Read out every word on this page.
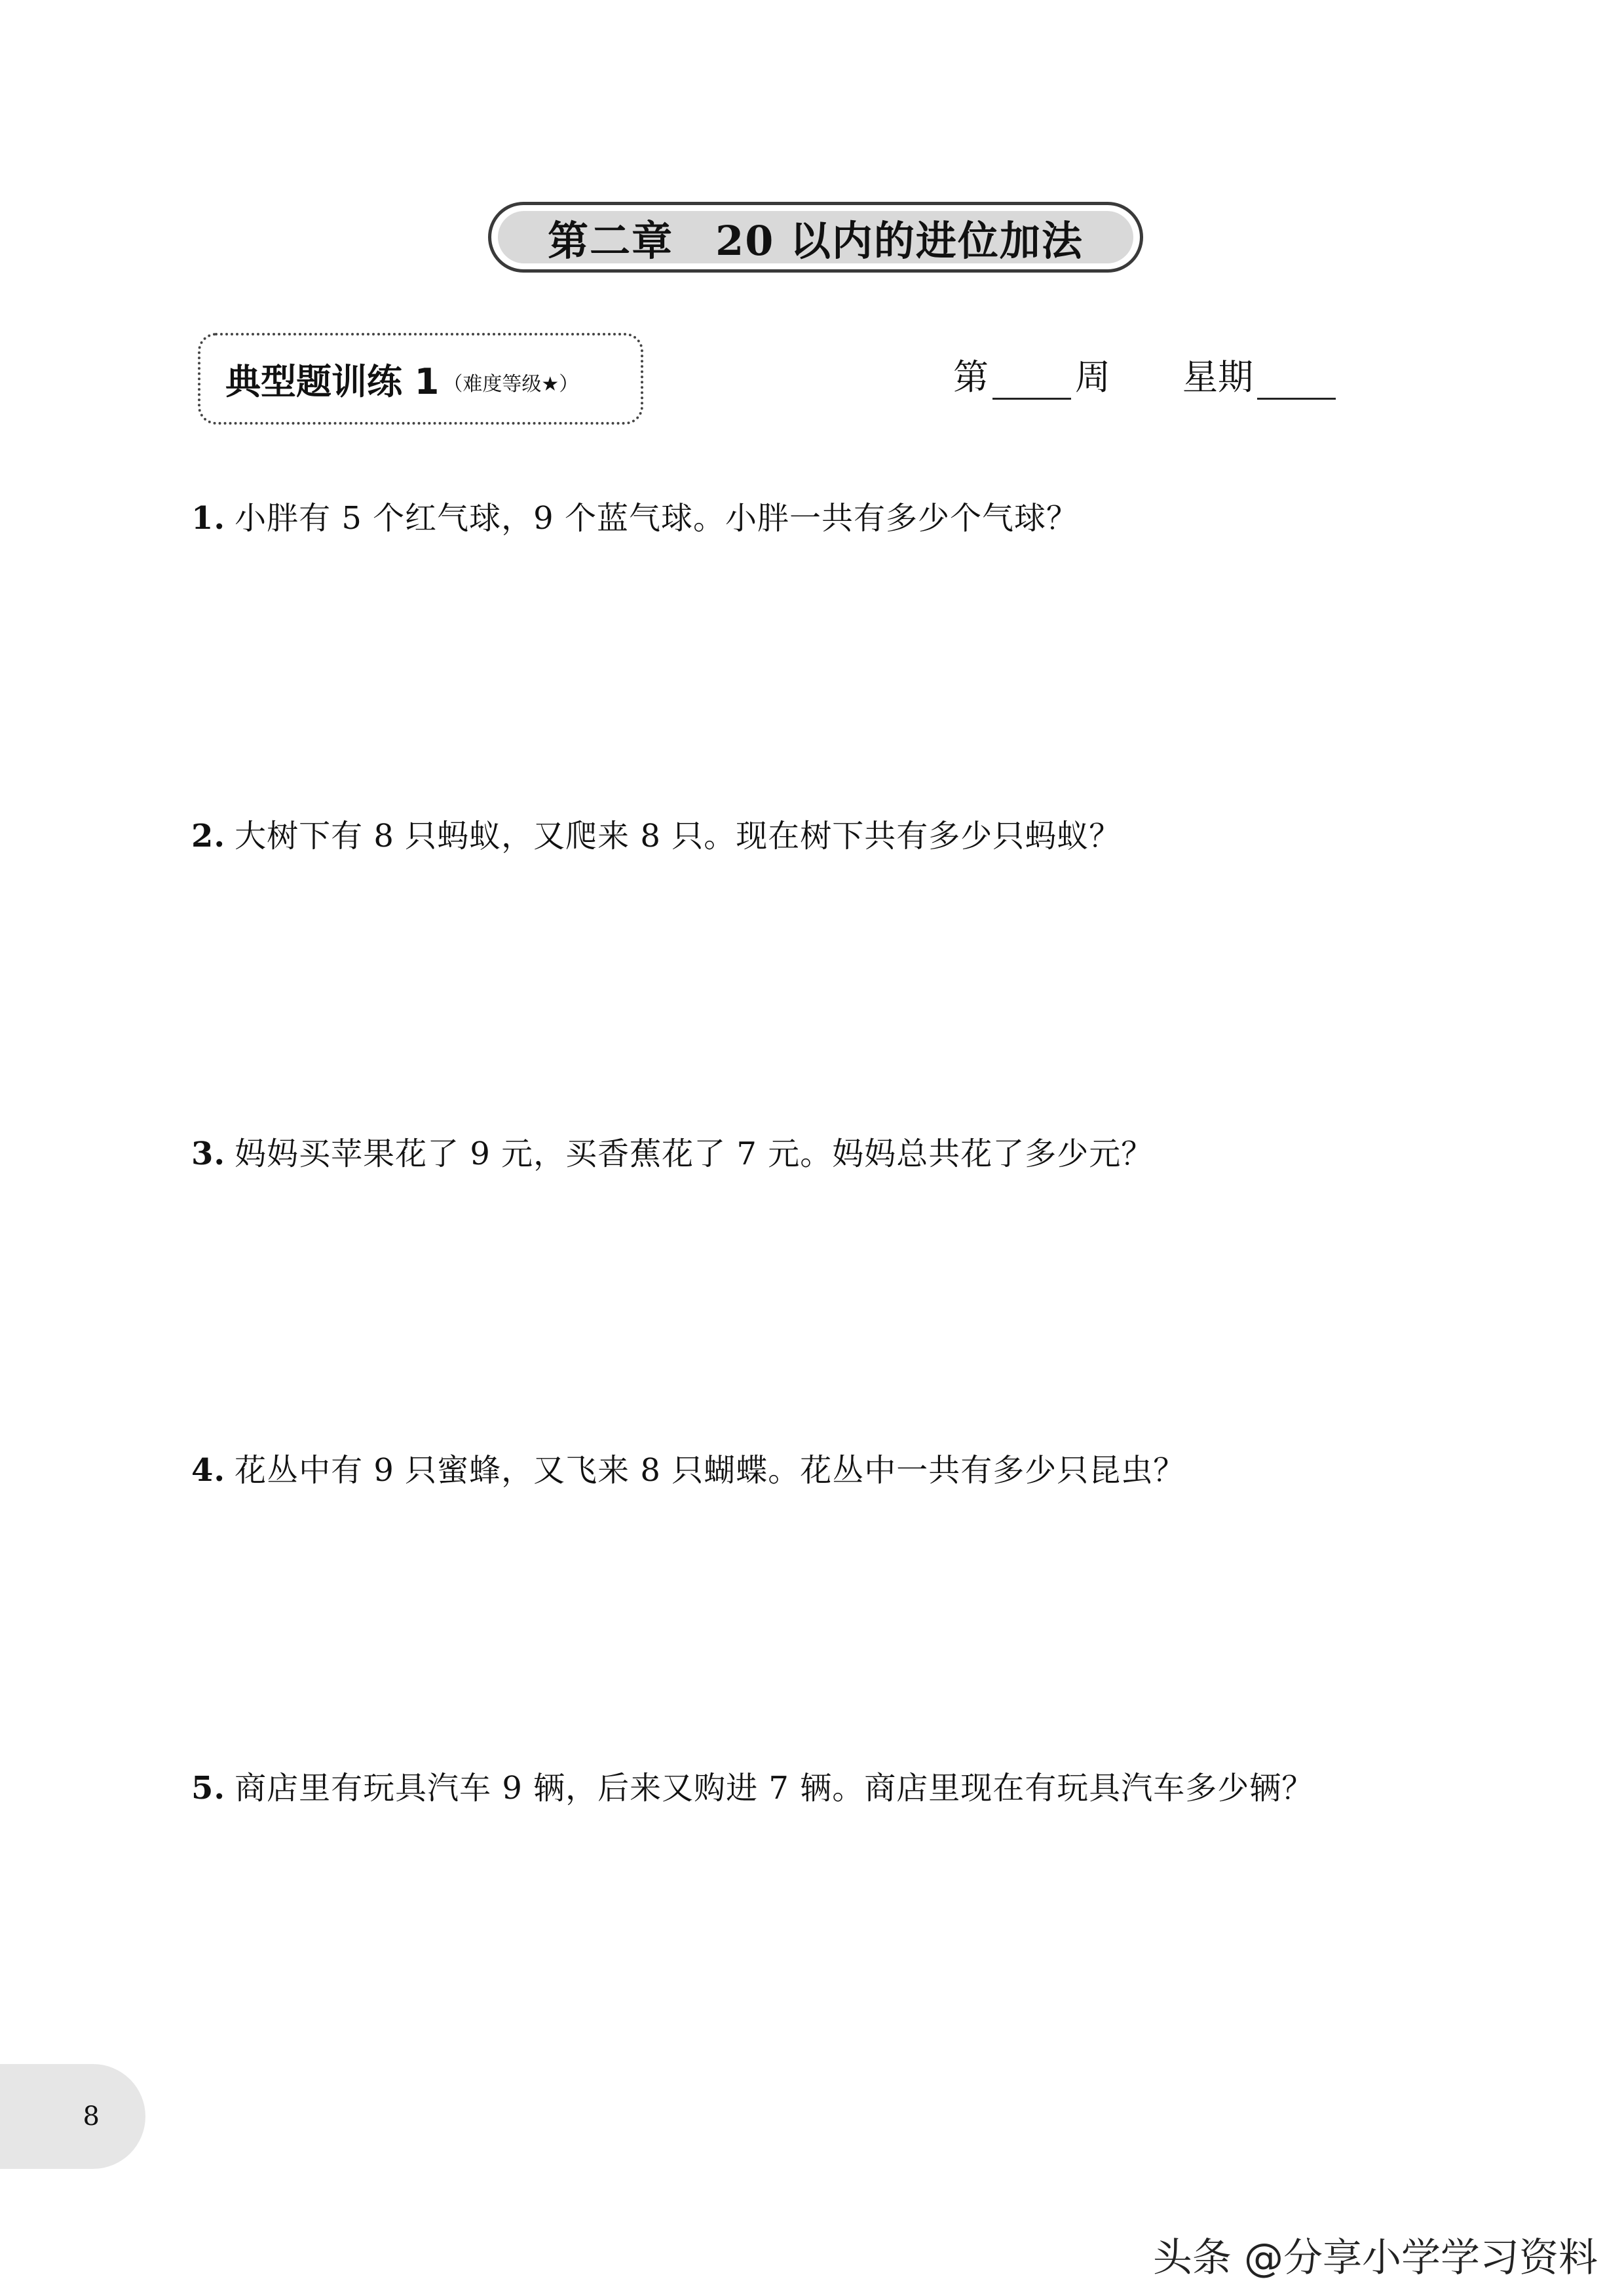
第二章　20 以内的进位加法
典型题训练 1 （难度等级★）	第 周 星期
1. 小胖有 5 个红气球，9 个蓝气球。小胖一共有多少个气球？
2. 大树下有 8 只蚂蚁，又爬来 8 只。现在树下共有多少只蚂蚁？
3. 妈妈买苹果花了 9 元，买香蕉花了 7 元。妈妈总共花了多少元？
4. 花丛中有 9 只蜜蜂，又飞来 8 只蝴蝶。花丛中一共有多少只昆虫？
5. 商店里有玩具汽车 9 辆，后来又购进 7 辆。商店里现在有玩具汽车多少辆？
8
头条 @分享小学学习资料
